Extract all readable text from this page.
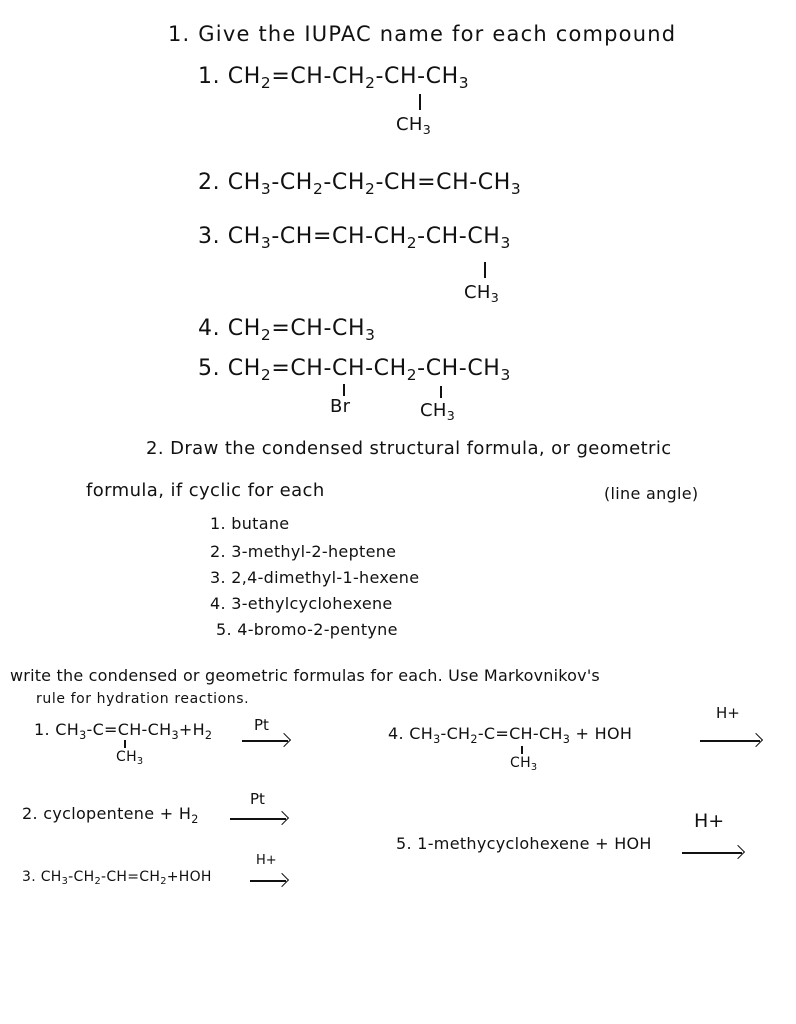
1. Give the IUPAC name for each compound
1. $CH_2=CH-CH_2-CH-CH_3$
$CH_3$
2. $CH_3-CH_2-CH_2-CH=CH-CH_3$
3. $CH_3-CH=CH-CH_2-CH-CH_3$
$CH_3$
4. $CH_2=CH-CH_3$
5. $CH_2=CH-CH-CH_2-CH-CH_3$
Br	$CH_3$
2. Draw the condensed structural formula, or geometric
formula, if cyclic for each	(line angle)
1. butane
2. 3-methyl-2-heptene
3. 2,4-dimethyl-1-hexene
4. 3-ethylcyclohexene
5. 4-bromo-2-pentyne
write the condensed or geometric formulas for each. Use Markovnikov's
rule for hydration reactions.
1. $CH_3-C=CH-CH_3+H_2$
$CH_3$
Pt	4. $CH_3-CH_2-C=CH-CH_3$ + HOH
$CH_3$
H+
2. cyclopentene + $H_2$
Pt
5. 1-methycyclohexene + HOH
H+
3. $CH_3-CH_2-CH=CH_2+HOH$
H+
